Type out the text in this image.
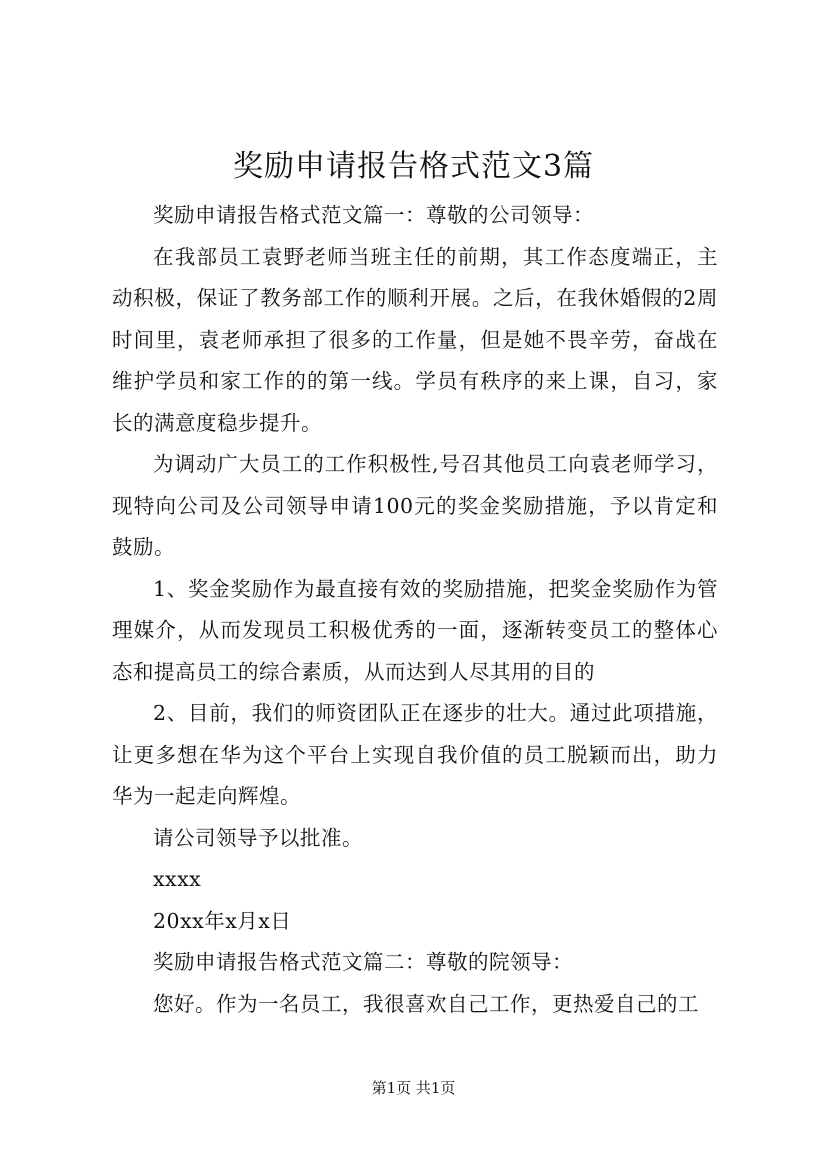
奖励申请报告格式范文3篇

奖励申请报告格式范文篇一：尊敬的公司领导：

在我部员工袁野老师当班主任的前期，其工作态度端正，主动积极，保证了教务部工作的顺利开展。之后，在我休婚假的2周时间里，袁老师承担了很多的工作量，但是她不畏辛劳，奋战在维护学员和家工作的的第一线。学员有秩序的来上课，自习，家长的满意度稳步提升。

为调动广大员工的工作积极性,号召其他员工向袁老师学习，现特向公司及公司领导申请100元的奖金奖励措施，予以肯定和鼓励。

1、奖金奖励作为最直接有效的奖励措施，把奖金奖励作为管理媒介，从而发现员工积极优秀的一面，逐渐转变员工的整体心态和提高员工的综合素质，从而达到人尽其用的目的

2、目前，我们的师资团队正在逐步的壮大。通过此项措施，让更多想在华为这个平台上实现自我价值的员工脱颖而出，助力华为一起走向辉煌。

请公司领导予以批准。

xxxx

20xx年x月x日

奖励申请报告格式范文篇二：尊敬的院领导：

您好。作为一名员工，我很喜欢自己工作，更热爱自己的工

第1页 共1页
